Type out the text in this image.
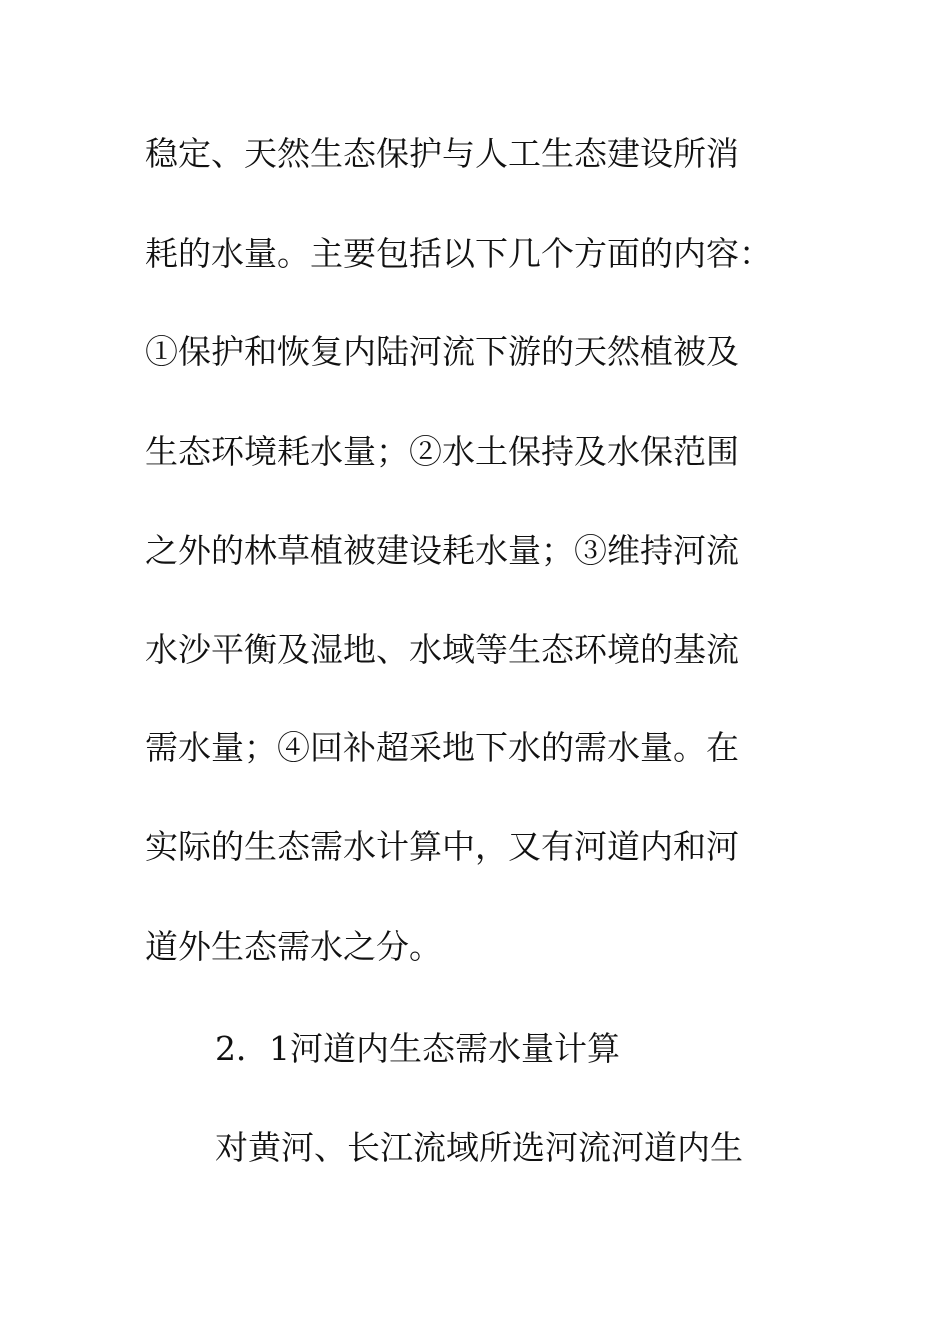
稳定、天然生态保护与人工生态建设所消
耗的水量。主要包括以下几个方面的内容：
①保护和恢复内陆河流下游的天然植被及
生态环境耗水量；②水土保持及水保范围
之外的林草植被建设耗水量；③维持河流
水沙平衡及湿地、水域等生态环境的基流
需水量；④回补超采地下水的需水量。在
实际的生态需水计算中，又有河道内和河
道外生态需水之分。
2．1河道内生态需水量计算
对黄河、长江流域所选河流河道内生
